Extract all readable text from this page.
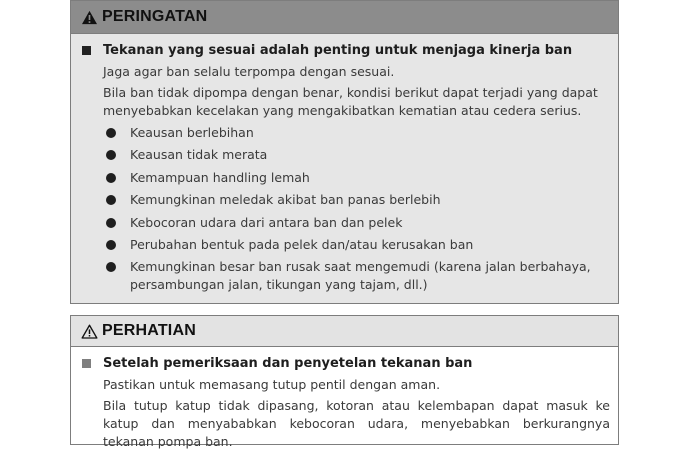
PERINGATAN
Tekanan yang sesuai adalah penting untuk menjaga kinerja ban
Jaga agar ban selalu terpompa dengan sesuai.
Bila ban tidak dipompa dengan benar, kondisi berikut dapat terjadi yang dapat menyebabkan kecelakan yang mengakibatkan kematian atau cedera serius.
Keausan berlebihan
Keausan tidak merata
Kemampuan handling lemah
Kemungkinan meledak akibat ban panas berlebih
Kebocoran udara dari antara ban dan pelek
Perubahan bentuk pada pelek dan/atau kerusakan ban
Kemungkinan besar ban rusak saat mengemudi (karena jalan berbahaya, persambungan jalan, tikungan yang tajam, dll.)
PERHATIAN
Setelah pemeriksaan dan penyetelan tekanan ban
Pastikan untuk memasang tutup pentil dengan aman.
Bila tutup katup tidak dipasang, kotoran atau kelembapan dapat masuk ke katup dan menyababkan kebocoran udara, menyebabkan berkurangnya tekanan pompa ban.
